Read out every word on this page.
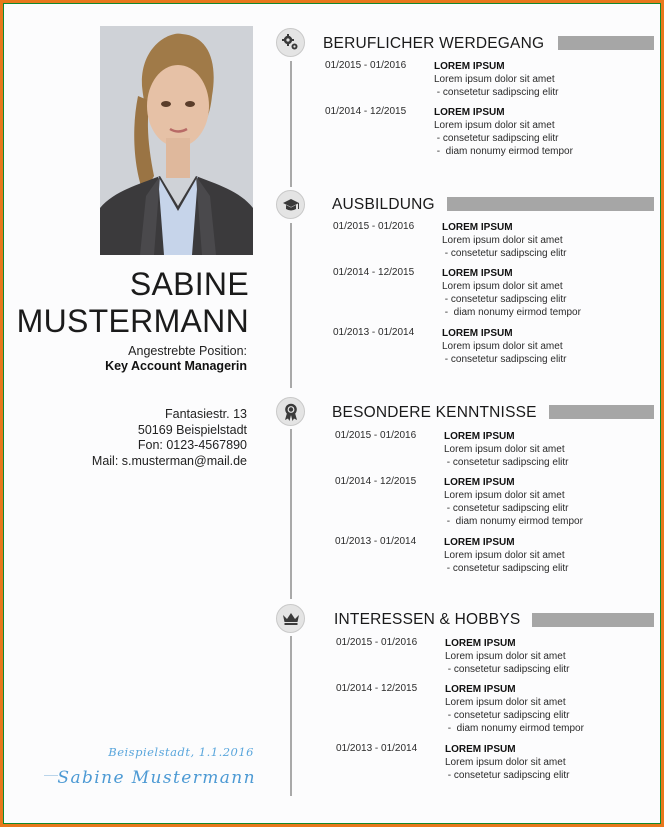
SABINE
MUSTERMANN
Angestrebte Position:
Key Account Managerin
Fantasiestr. 13
50169 Beispielstadt
Fon: 0123-4567890
Mail: s.musterman@mail.de
Beispielstadt, 1.1.2016
Sabine Mustermann
BERUFLICHER WERDEGANG
01/2015 - 01/2016	LOREM IPSUM
Lorem ipsum dolor sit amet
- consetetur sadipscing elitr
01/2014 - 12/2015	LOREM IPSUM
Lorem ipsum dolor sit amet
- consetetur sadipscing elitr
-  diam nonumy eirmod tempor
AUSBILDUNG
01/2015 - 01/2016	LOREM IPSUM
Lorem ipsum dolor sit amet
- consetetur sadipscing elitr
01/2014 - 12/2015	LOREM IPSUM
Lorem ipsum dolor sit amet
- consetetur sadipscing elitr
-  diam nonumy eirmod tempor
01/2013 - 01/2014	LOREM IPSUM
Lorem ipsum dolor sit amet
- consetetur sadipscing elitr
BESONDERE KENNTNISSE
01/2015 - 01/2016	LOREM IPSUM
Lorem ipsum dolor sit amet
- consetetur sadipscing elitr
01/2014 - 12/2015	LOREM IPSUM
Lorem ipsum dolor sit amet
- consetetur sadipscing elitr
-  diam nonumy eirmod tempor
01/2013 - 01/2014	LOREM IPSUM
Lorem ipsum dolor sit amet
- consetetur sadipscing elitr
INTERESSEN & HOBBYS
01/2015 - 01/2016	LOREM IPSUM
Lorem ipsum dolor sit amet
- consetetur sadipscing elitr
01/2014 - 12/2015	LOREM IPSUM
Lorem ipsum dolor sit amet
- consetetur sadipscing elitr
-  diam nonumy eirmod tempor
01/2013 - 01/2014	LOREM IPSUM
Lorem ipsum dolor sit amet
- consetetur sadipscing elitr
